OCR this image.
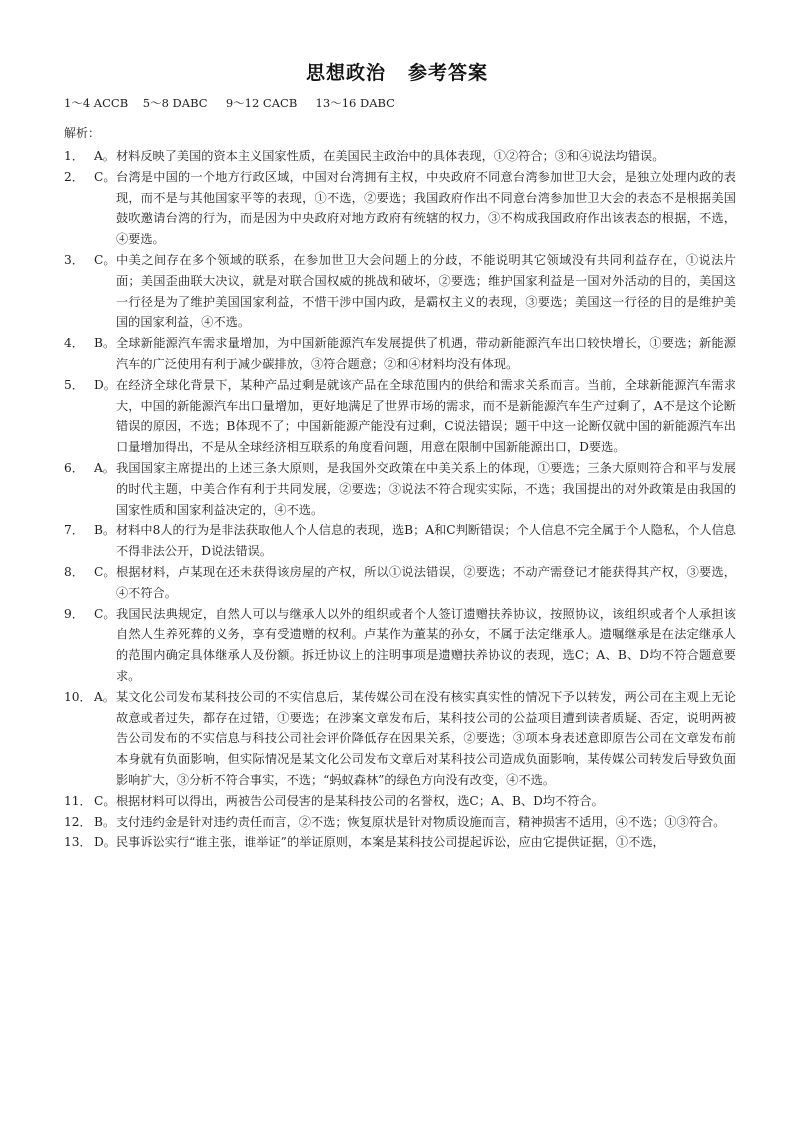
思想政治 参考答案
1～4 ACCB    5～8 DABC     9～12 CACB     13～16 DABC
解析：
1． A。 材料反映了美国的资本主义国家性质，在美国民主政治中的具体表现，①②符合；③和④说法均错误。
2． C。 台湾是中国的一个地方行政区域，中国对台湾拥有主权，中央政府不同意台湾参加世卫大会，是独立处理内政的表现，而不是与其他国家平等的表现，①不选，②要选；我国政府作出不同意台湾参加世卫大会的表态不是根据美国鼓吹邀请台湾的行为，而是因为中央政府对地方政府有统辖的权力，③不构成我国政府作出该表态的根据，不选，④要选。
3． C。 中美之间存在多个领域的联系，在参加世卫大会问题上的分歧，不能说明其它领域没有共同利益存在，①说法片面；美国歪曲联大决议，就是对联合国权威的挑战和破坏，②要选；维护国家利益是一国对外活动的目的，美国这一行径是为了维护美国国家利益，不惜干涉中国内政，是霸权主义的表现，③要选；美国这一行径的目的是维护美国的国家利益，④不选。
4． B。 全球新能源汽车需求量增加，为中国新能源汽车发展提供了机遇，带动新能源汽车出口较快增长，①要选；新能源汽车的广泛使用有利于减少碳排放，③符合题意；②和④材料均没有体现。
5． D。 在经济全球化背景下，某种产品过剩是就该产品在全球范围内的供给和需求关系而言。当前，全球新能源汽车需求大，中国的新能源汽车出口量增加，更好地满足了世界市场的需求，而不是新能源汽车生产过剩了，A不是这个论断错误的原因，不选；B体现不了；中国新能源产能没有过剩，C说法错误；题干中这一论断仅就中国的新能源汽车出口量增加得出，不是从全球经济相互联系的角度看问题，用意在限制中国新能源出口，D要选。
6． A。 我国国家主席提出的上述三条大原则，是我国外交政策在中美关系上的体现，①要选；三条大原则符合和平与发展的时代主题，中美合作有利于共同发展，②要选；③说法不符合现实实际，不选；我国提出的对外政策是由我国的国家性质和国家利益决定的，④不选。
7． B。 材料中8人的行为是非法获取他人个人信息的表现，选B；A和C判断错误；个人信息不完全属于个人隐私，个人信息不得非法公开，D说法错误。
8． C。 根据材料，卢某现在还未获得该房屋的产权，所以①说法错误，②要选；不动产需登记才能获得其产权，③要选，④不符合。
9． C。 我国民法典规定，自然人可以与继承人以外的组织或者个人签订遗赠扶养协议，按照协议，该组织或者个人承担该自然人生养死葬的义务，享有受遗赠的权利。卢某作为董某的孙女，不属于法定继承人。遗嘱继承是在法定继承人的范围内确定具体继承人及份额。拆迁协议上的注明事项是遗赠扶养协议的表现，选C；A、B、D均不符合题意要求。
10． A。 某文化公司发布某科技公司的不实信息后，某传媒公司在没有核实真实性的情况下予以转发，两公司在主观上无论故意或者过失，都存在过错，①要选；在涉案文章发布后，某科技公司的公益项目遭到读者质疑、否定，说明两被告公司发布的不实信息与科技公司社会评价降低存在因果关系，②要选；③项本身表述意即原告公司在文章发布前本身就有负面影响，但实际情况是某文化公司发布文章后对某科技公司造成负面影响，某传媒公司转发后导致负面影响扩大，③分析不符合事实，不选；“蚂蚁森林”的绿色方向没有改变，④不选。
11． C。 根据材料可以得出，两被告公司侵害的是某科技公司的名誉权，选C；A、B、D均不符合。
12． B。 支付违约金是针对违约责任而言，②不选；恢复原状是针对物质设施而言，精神损害不适用，④不选；①③符合。
13． D。 民事诉讼实行“谁主张，谁举证”的举证原则，本案是某科技公司提起诉讼，应由它提供证据，①不选，
